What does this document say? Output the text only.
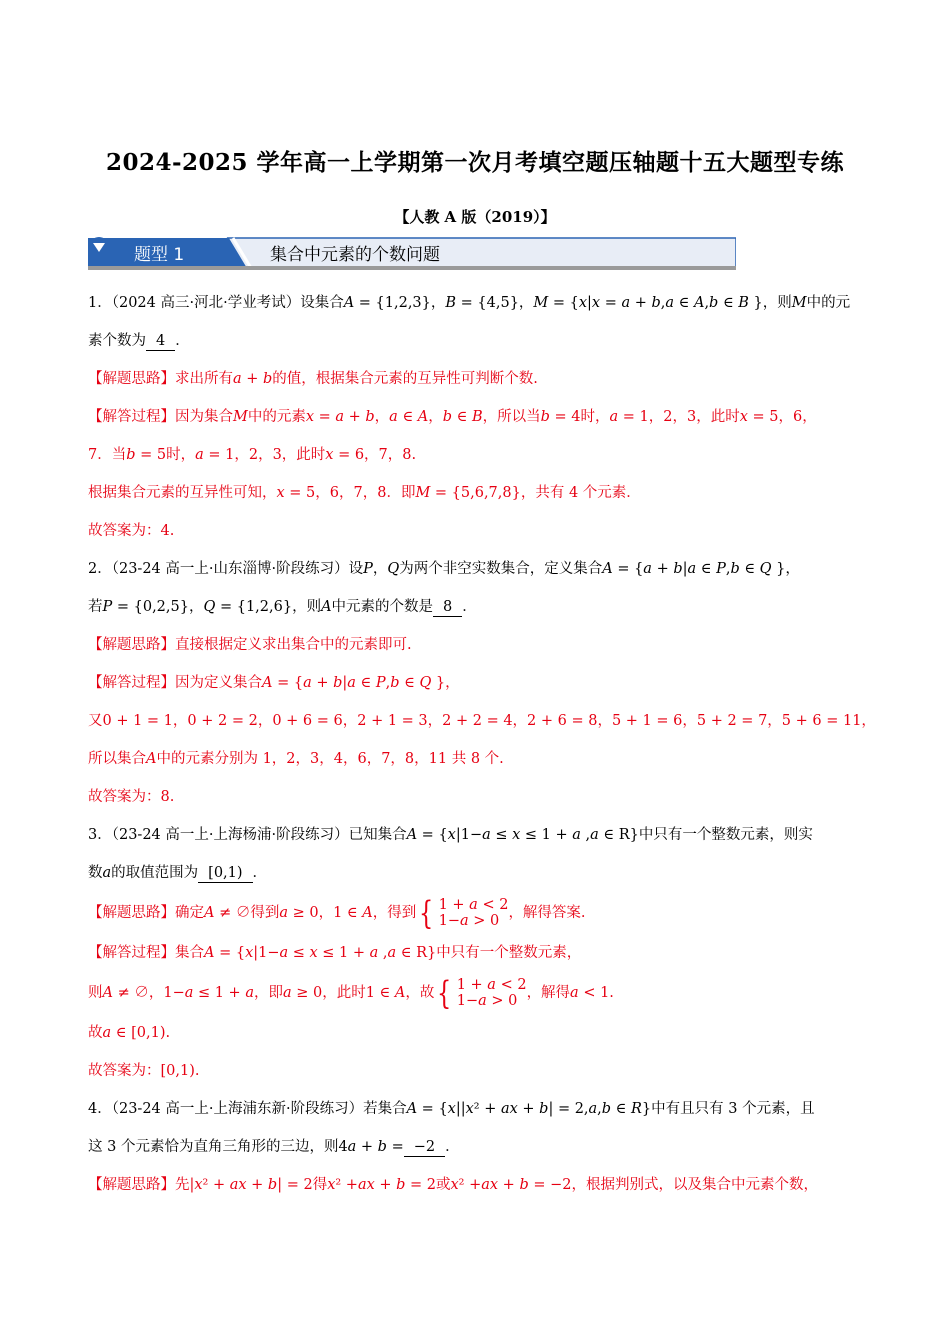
2024-2025 学年高一上学期第一次月考填空题压轴题十五大题型专练
【人教 A 版（2019）】
题型 1	集合中元素的个数问题
1．（2024 高三·河北·学业考试）设集合𝐴 = {1,2,3}，𝐵 = {4,5}，𝑀 = {𝑥|𝑥 = 𝑎 + 𝑏,𝑎 ∈ 𝐴,𝑏 ∈ 𝐵 }，则𝑀中的元
素个数为 4 ．
【解题思路】求出所有𝑎 + 𝑏的值，根据集合元素的互异性可判断个数.
【解答过程】因为集合𝑀中的元素𝑥 = 𝑎 + 𝑏，𝑎 ∈ 𝐴，𝑏 ∈ 𝐵，所以当𝑏 = 4时，𝑎 = 1，2，3，此时𝑥 = 5，6，
7．当𝑏 = 5时，𝑎 = 1，2，3，此时𝑥 = 6，7，8.
根据集合元素的互异性可知，𝑥 = 5，6，7，8．即𝑀 = {5,6,7,8}，共有 4 个元素．
故答案为：4.
2．（23-24 高一上·山东淄博·阶段练习）设𝑃，𝑄为两个非空实数集合，定义集合𝐴 = {𝑎 + 𝑏|𝑎 ∈ 𝑃,𝑏 ∈ 𝑄 }，
若𝑃 = {0,2,5}，𝑄 = {1,2,6}，则𝐴中元素的个数是 8 ．
【解题思路】直接根据定义求出集合中的元素即可.
【解答过程】因为定义集合𝐴 = {𝑎 + 𝑏|𝑎 ∈ 𝑃,𝑏 ∈ 𝑄 }，
又0 + 1 = 1，0 + 2 = 2，0 + 6 = 6，2 + 1 = 3，2 + 2 = 4，2 + 6 = 8，5 + 1 = 6，5 + 2 = 7，5 + 6 = 11，
所以集合𝐴中的元素分别为 1，2，3，4，6，7，8，11 共 8 个.
故答案为：8.
3．（23-24 高一上·上海杨浦·阶段练习）已知集合𝐴 = {𝑥|1−𝑎 ≤ 𝑥 ≤ 1 + 𝑎 ,𝑎 ∈ R}中只有一个整数元素，则实
数𝑎的取值范围为 [0,1) ．
【解题思路】确定𝐴 ≠ ∅得到𝑎 ≥ 0，1 ∈ 𝐴，得到 { 1 + 𝑎 < 2
1−𝑎 > 0 ，解得答案.
【解答过程】集合𝐴 = {𝑥|1−𝑎 ≤ 𝑥 ≤ 1 + 𝑎 ,𝑎 ∈ R}中只有一个整数元素，
则𝐴 ≠ ∅，1−𝑎 ≤ 1 + 𝑎，即𝑎 ≥ 0，此时1 ∈ 𝐴，故 { 1 + 𝑎 < 2
1−𝑎 > 0 ，解得𝑎 < 1.
故𝑎 ∈ [0,1).
故答案为：[0,1).
4．（23-24 高一上·上海浦东新·阶段练习）若集合𝐴 = {𝑥||𝑥² + 𝑎𝑥 + 𝑏| = 2,𝑎,𝑏 ∈ 𝑅}中有且只有 3 个元素，且
这 3 个元素恰为直角三角形的三边，则4𝑎 + 𝑏 = −2 ．
【解题思路】先|𝑥² + 𝑎𝑥 + 𝑏| = 2得𝑥² +𝑎𝑥 + 𝑏 = 2或𝑥² +𝑎𝑥 + 𝑏 = −2，根据判别式，以及集合中元素个数，
